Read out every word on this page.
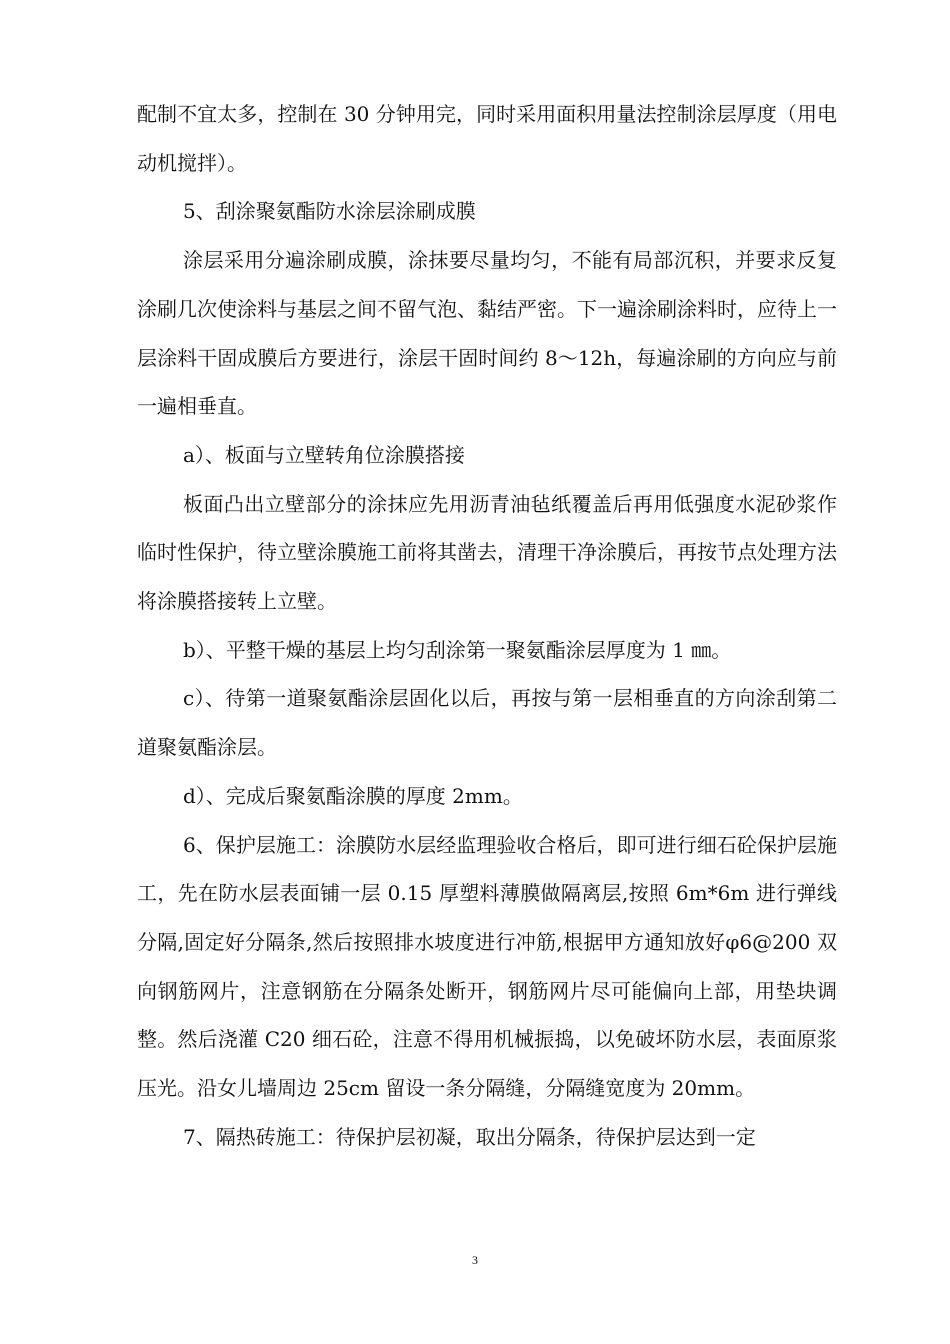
配制不宜太多，控制在 30 分钟用完，同时采用面积用量法控制涂层厚度（用电动机搅拌）。

5、刮涂聚氨酯防水涂层涂刷成膜

涂层采用分遍涂刷成膜，涂抹要尽量均匀，不能有局部沉积，并要求反复涂刷几次使涂料与基层之间不留气泡、黏结严密。下一遍涂刷涂料时，应待上一层涂料干固成膜后方要进行，涂层干固时间约 8～12h，每遍涂刷的方向应与前一遍相垂直。

a）、板面与立壁转角位涂膜搭接

板面凸出立壁部分的涂抹应先用沥青油毡纸覆盖后再用低强度水泥砂浆作临时性保护，待立壁涂膜施工前将其凿去，清理干净涂膜后，再按节点处理方法将涂膜搭接转上立壁。

b）、平整干燥的基层上均匀刮涂第一聚氨酯涂层厚度为 1 ㎜。

c）、待第一道聚氨酯涂层固化以后，再按与第一层相垂直的方向涂刮第二道聚氨酯涂层。

d）、完成后聚氨酯涂膜的厚度 2mm。

6、保护层施工：涂膜防水层经监理验收合格后，即可进行细石砼保护层施工，先在防水层表面铺一层 0.15 厚塑料薄膜做隔离层,按照 6m*6m 进行弹线分隔,固定好分隔条,然后按照排水坡度进行冲筋,根据甲方通知放好φ6@200 双向钢筋网片，注意钢筋在分隔条处断开，钢筋网片尽可能偏向上部，用垫块调整。然后浇灌 C20 细石砼，注意不得用机械振捣，以免破坏防水层，表面原浆压光。沿女儿墙周边 25cm 留设一条分隔缝，分隔缝宽度为 20mm。

7、隔热砖施工：待保护层初凝，取出分隔条，待保护层达到一定

3
